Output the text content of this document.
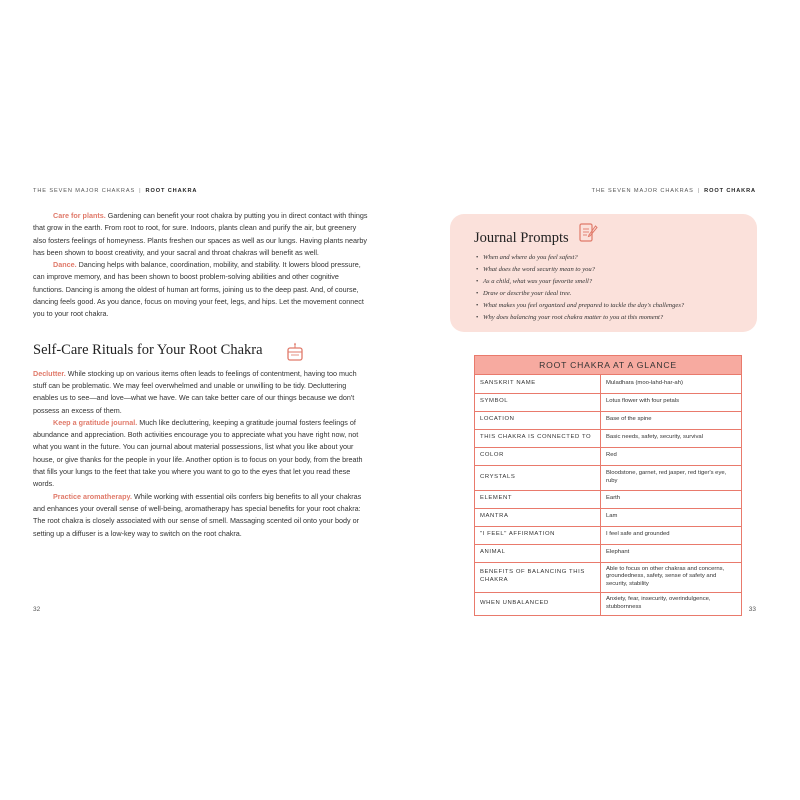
THE SEVEN MAJOR CHAKRAS | ROOT CHAKRA	THE SEVEN MAJOR CHAKRAS | ROOT CHAKRA

Care for plants. Gardening can benefit your root chakra by putting you in direct contact with things that grow in the earth. From root to root, for sure. Indoors, plants clean and purify the air, but greenery also fosters feelings of homeyness. Plants freshen our spaces as well as our lungs. Having plants nearby has been shown to boost creativity, and your sacral and throat chakras will benefit as well.

Dance. Dancing helps with balance, coordination, mobility, and stability. It lowers blood pressure, can improve memory, and has been shown to boost problem-solving abilities and other cognitive functions. Dancing is among the oldest of human art forms, joining us to the deep past. And, of course, dancing feels good. As you dance, focus on moving your feet, legs, and hips. Let the movement connect you to your root chakra.

Self-Care Rituals for Your Root Chakra

Declutter. While stocking up on various items often leads to feelings of contentment, having too much stuff can be problematic. We may feel overwhelmed and unable or unwilling to be tidy. Decluttering enables us to see—and love—what we have. We can take better care of our things because we don't possess an excess of them.

Keep a gratitude journal. Much like decluttering, keeping a gratitude journal fosters feelings of abundance and appreciation. Both activities encourage you to appreciate what you have right now, not what you want in the future. You can journal about material possessions, list what you like about your house, or give thanks for the people in your life. Another option is to focus on your body, from the breath that fills your lungs to the feet that take you where you want to go to the eyes that let you read these words.

Practice aromatherapy. While working with essential oils confers big benefits to all your chakras and enhances your overall sense of well-being, aromatherapy has special benefits for your root chakra: The root chakra is closely associated with our sense of smell. Massaging scented oil onto your body or setting up a diffuser is a low-key way to switch on the root chakra.

32	33
Journal Prompts
• When and where do you feel safest?
• What does the word security mean to you?
• As a child, what was your favorite smell?
• Draw or describe your ideal tree.
• What makes you feel organized and prepared to tackle the day's challenges?
• Why does balancing your root chakra matter to you at this moment?
ROOT CHAKRA AT A GLANCE
SANSKRIT NAME	Muladhara (moo-lahd-har-ah)
SYMBOL	Lotus flower with four petals
LOCATION	Base of the spine
THIS CHAKRA IS CONNECTED TO	Basic needs, safety, security, survival
COLOR	Red
CRYSTALS	Bloodstone, garnet, red jasper, red tiger's eye, ruby
ELEMENT	Earth
MANTRA	Lam
"I FEEL" AFFIRMATION	I feel safe and grounded
ANIMAL	Elephant
BENEFITS OF BALANCING THIS CHAKRA	Able to focus on other chakras and concerns, groundedness, safety, sense of safety and security, stability
WHEN UNBALANCED	Anxiety, fear, insecurity, overindulgence, stubbornness
